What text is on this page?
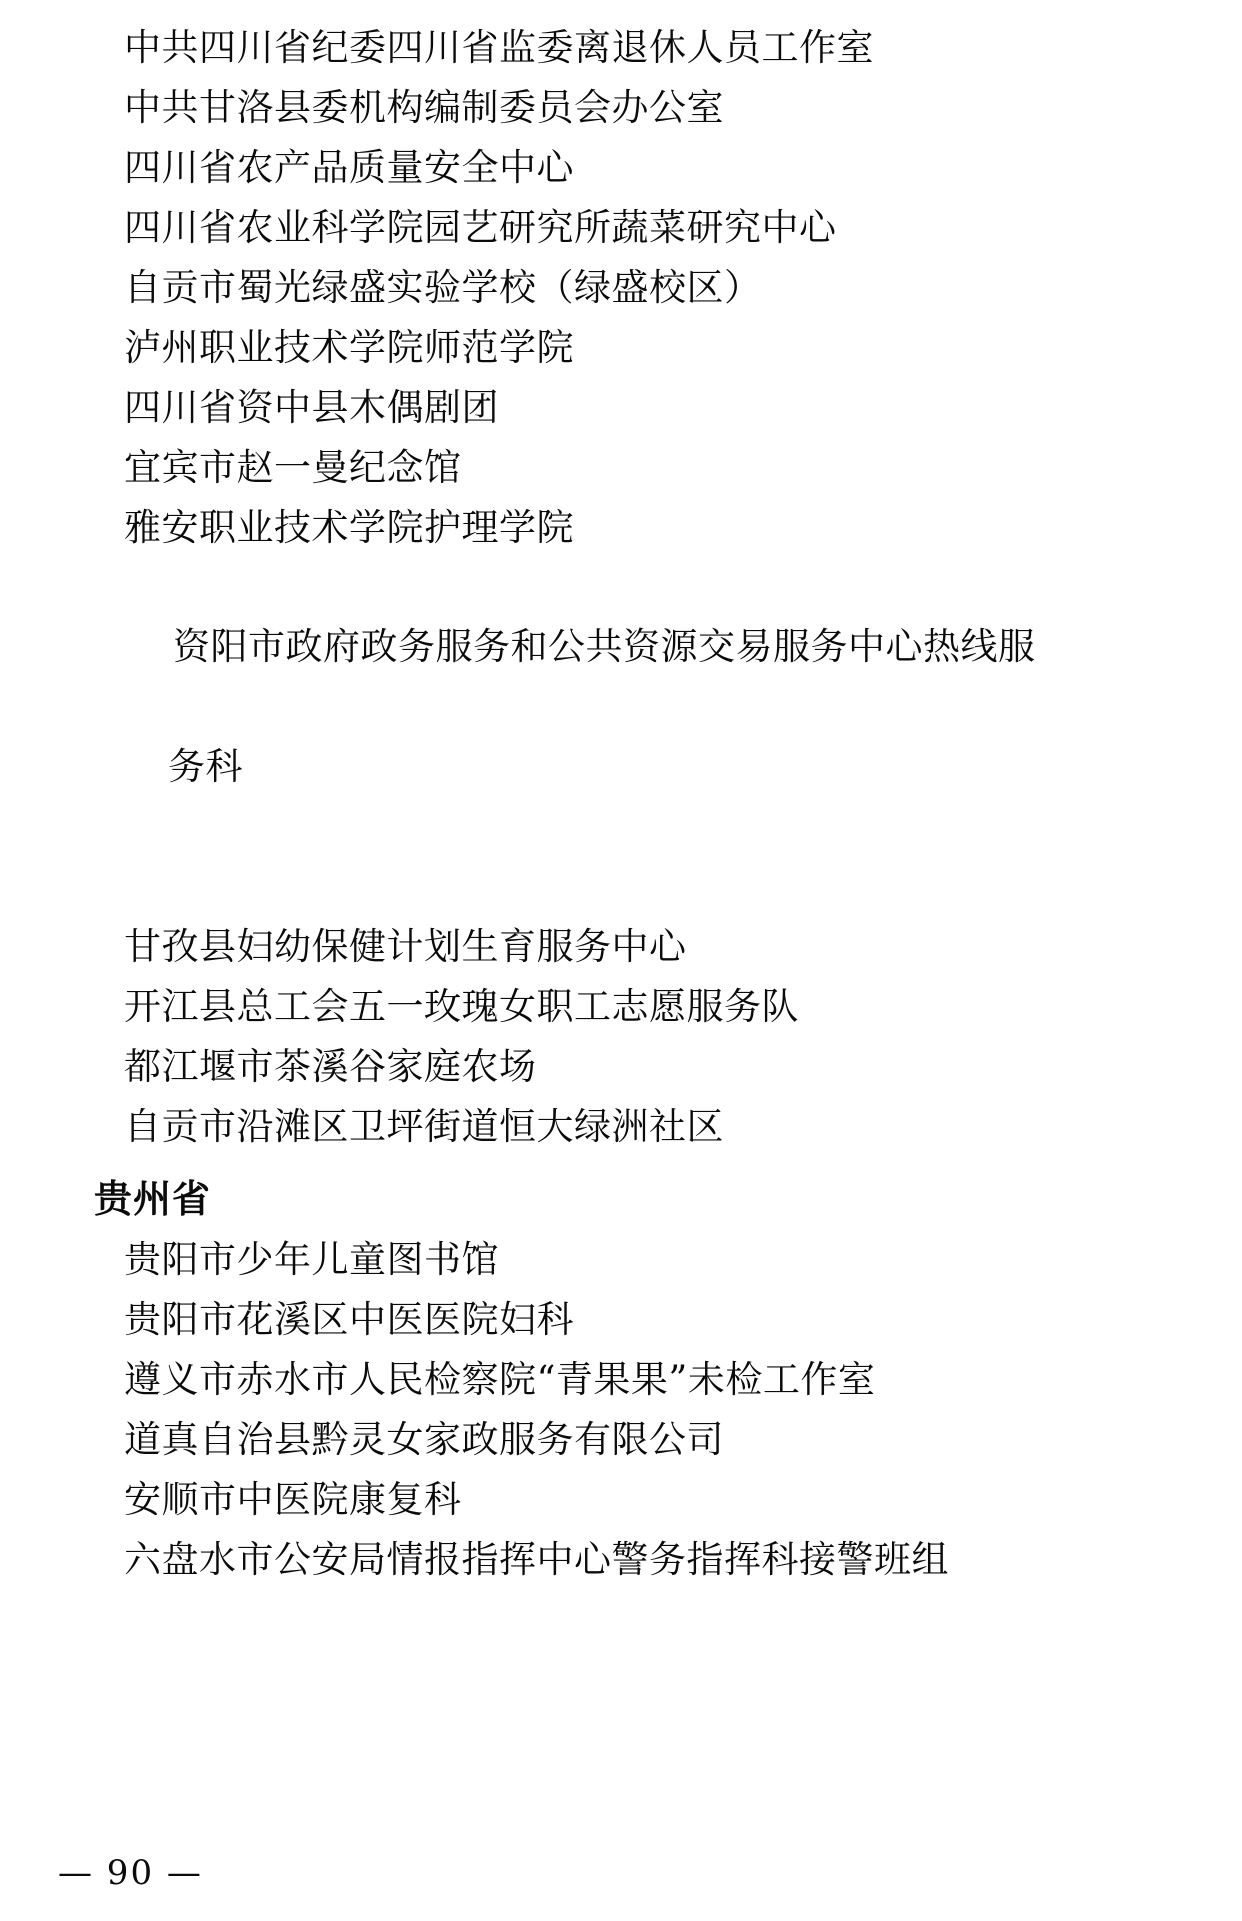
中共四川省纪委四川省监委离退休人员工作室

中共甘洛县委机构编制委员会办公室

四川省农产品质量安全中心

四川省农业科学院园艺研究所蔬菜研究中心

自贡市蜀光绿盛实验学校（绿盛校区）

泸州职业技术学院师范学院

四川省资中县木偶剧团

宜宾市赵一曼纪念馆

雅安职业技术学院护理学院

资阳市政府政务服务和公共资源交易服务中心热线服

务科

甘孜县妇幼保健计划生育服务中心

开江县总工会五一玫瑰女职工志愿服务队

都江堰市茶溪谷家庭农场

自贡市沿滩区卫坪街道恒大绿洲社区

贵州省

贵阳市少年儿童图书馆

贵阳市花溪区中医医院妇科

遵义市赤水市人民检察院“青果果”未检工作室

道真自治县黔灵女家政服务有限公司

安顺市中医院康复科

六盘水市公安局情报指挥中心警务指挥科接警班组

— 90 —
